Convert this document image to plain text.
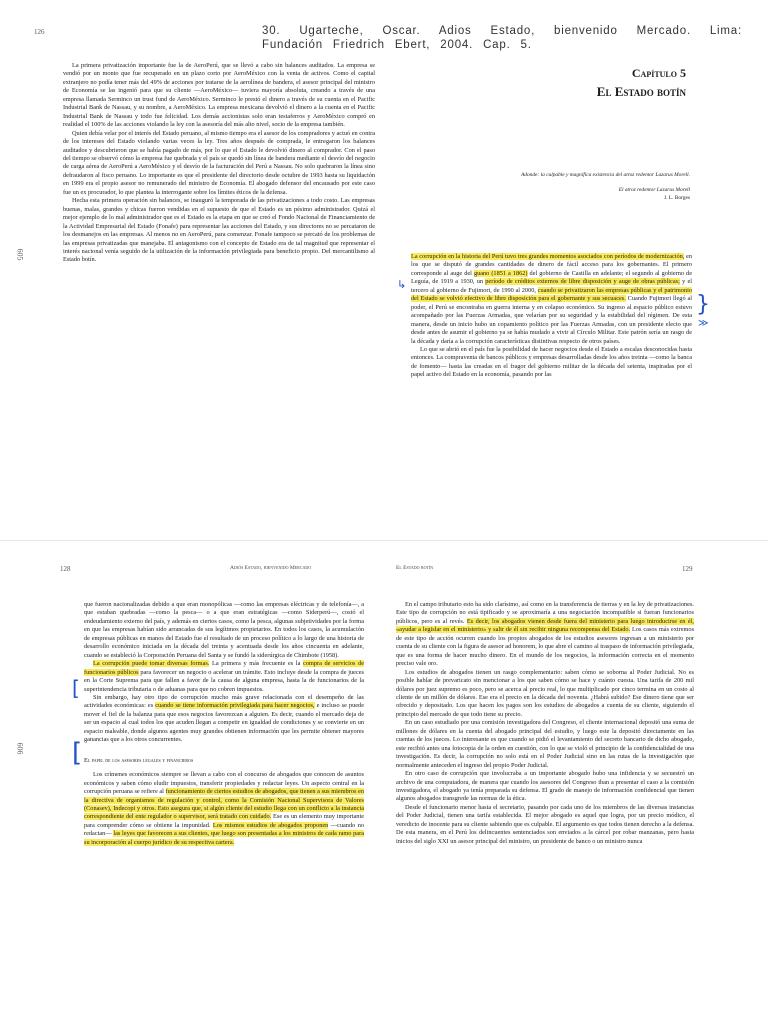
126	30. Ugarteche, Oscar. Adios Estado, bienvenido Mercado. Lima: Fundación Friedrich Ebert, 2004. Cap. 5.
605
606

La primera privatización importante fue la de AeroPerú, que se llevó a cabo sin balances auditados. La empresa se vendió por un monto que fue recuperado en un plazo corto por AeroMéxico con la venta de activos. Como el capital extranjero no podía tener más del 49% de acciones por tratarse de la aerolínea de bandera, el asesor principal del ministro de Economía se las ingenió para que su cliente —AeroMéxico— tuviera mayoría absoluta, creando a través de una empresa llamada Serminco un trust fund de AeroMéxico. Serminco le prestó el dinero a través de su cuenta en el Pacific Industrial Bank de Nassau, y su nombre, a AeroMéxico. La empresa mexicana devolvió el dinero a la cuenta en el Pacific Industrial Bank de Nassau y todo fue felicidad. Los demás accionistas solo eran testaferros y AeroMéxico compró en realidad el 100% de las acciones violando la ley con la asesoría del más alto nivel, socio de la empresa también.

Quien debía velar por el interés del Estado peruano, al mismo tiempo era el asesor de los compradores y actuó en contra de los intereses del Estado violando varias veces la ley. Tres años después de comprada, le entregaron los balances auditados y descubrieron que se había pagado de más, por lo que el Estado le devolvió dinero al comprador. Con el paso del tiempo se observó cómo la empresa fue quebrada y el país se quedó sin línea de bandera mediante el desvío del negocio de carga aérea de AeroPerú a AeroMéxico y el desvío de la facturación del Perú a Nassau. No solo quebraron la línea sino defraudaron al fisco peruano. Lo importante es que el presidente del directorio desde octubre de 1993 hasta su liquidación en 1999 era el propio asesor no remunerado del ministro de Economía. El abogado defensor del encausado por este caso fue un ex procurador, lo que plantea la interrogante sobre los límites éticos de la defensa.

Hecha esta primera operación sin balances, se inauguró la temporada de las privatizaciones a todo costo. Las empresas buenas, malas, grandes y chicas fueron vendidas en el supuesto de que el Estado es un pésimo administrador. Quizá el mejor ejemplo de lo mal administrador que es el Estado es la etapa en que se creó el Fondo Nacional de Financiamiento de la Actividad Empresarial del Estado (Fonafe) para representar las acciones del Estado, y sus directores no se percataron de los desmanejos en las empresas. Al menos no en AeroPerú, para comenzar. Fonafe tampoco se percató de los problemas de las empresas privatizadas que manejaba. El antagonismo con el concepto de Estado era de tal magnitud que representar el interés nacional venía seguido de la utilización de la información privilegiada para beneficio propio. Del mercantilismo al Estado botín.

Capítulo 5
El Estado botín
Adonde: la culpable y magnífica existencia del atroz redentor Lazarus Morell.
El atroz redentor Lazarus Morell
J. L. Borges

La corrupción en la historia del Perú tuvo tres grandes momentos asociados con períodos de modernización, en los que se disputó de grandes cantidades de dinero de fácil acceso para los gobernantes. El primero corresponde al auge del guano (1851 a 1862) del gobierno de Castilla en adelante; el segundo al gobierno de Leguía, de 1919 a 1930, un período de créditos externos de libre disposición y auge de obras públicas; y el tercero al gobierno de Fujimori, de 1990 al 2000, cuando se privatizaron las empresas públicas y el patrimonio del Estado se volvió efectivo de libre disposición para el gobernante y sus secuaces. Cuando Fujimori llegó al poder, el Perú se encontraba en guerra interna y en colapso económico. Su ingreso al espacio público estuvo acompañado por las Fuerzas Armadas, que velarían por su seguridad y la estabilidad del régimen. De esta manera, desde un inicio hubo un copamiento político por las Fuerzas Armadas, con un presidente electo que desde antes de asumir el gobierno ya se había mudado a vivir al Círculo Militar. Este patrón sería un rasgo de la década y daría a la corrupción características distintivas respecto de otros países.

Lo que se abrió en el país fue la posibilidad de hacer negocios desde el Estado a escalas desconocidas hasta entonces. La compraventa de bancos públicos y empresas desarrolladas desde los años treinta —como la banca de fomento— hasta las creadas en el fragor del gobierno militar de la década del setenta, inspiradas por el papel activo del Estado en la economía, pasando por las

↳
}
≫
128	Adiós Estado, bienvenido Mercado

que fueron nacionalizadas debido a que eran monopólicas —como las empresas eléctricas y de telefonía—, a que estaban quebradas —como la pesca— o a que eran estratégicas —como Siderperú—, costó el endeudamiento externo del país, y además en ciertos casos, como la pesca, algunas subjetividades por la forma en que las empresas habían sido arrancadas de sus legítimos propietarios. En todos los casos, la acumulación de empresas públicas en manos del Estado fue el resultado de un proceso político a lo largo de una historia de desarrollo económico iniciada en la década del treinta y acentuada desde los años cincuenta en adelante, cuando se estableció la Corporación Peruana del Santa y se fundó la siderúrgica de Chimbote (1958).

La corrupción puede tomar diversas formas. La primera y más frecuente es la compra de servicios de funcionarios públicos para favorecer un negocio o acelerar un trámite. Esto incluye desde la compra de jueces en la Corte Suprema para que fallen a favor de la causa de alguna empresa, hasta la de funcionarios de la superintendencia tributaria o de aduanas para que no cobren impuestos.

Sin embargo, hay otro tipo de corrupción mucho más grave relacionada con el desempeño de las actividades económicas: es cuando se tiene información privilegiada para hacer negocios, e incluso se puede mover el fiel de la balanza para que esos negocios favorezcan a alguien. Es decir, cuando el mercado deja de ser un espacio al cual todos los que acuden llegan a competir en igualdad de condiciones y se convierte en un espacio maleable, donde algunos agentes muy grandes obtienen información que les permite obtener mayores ganancias que a los otros concurrentes.

El papel de los asesores legales y financieros

Los crímenes económicos siempre se llevan a cabo con el concurso de abogados que conocen de asuntos económicos y saben cómo eludir impuestos, transferir propiedades y redactar leyes. Un aspecto central en la corrupción peruana se refiere al funcionamiento de ciertos estudios de abogados, que tienen a sus miembros en la directiva de organismos de regulación y control, como la Comisión Nacional Supervisora de Valores (Conasev), Indecopi y otros. Esto asegura que, si algún cliente del estudio llega con un conflicto a la instancia correspondiente del ente regulador o supervisor, será tratado con cuidado. Ese es un elemento muy importante para comprender cómo se obtiene la impunidad. Los mismos estudios de abogados proponen —cuando no redactan— las leyes que favorecen a sus clientes, que luego son presentadas a los ministros de cada ramo para su incorporación al cuerpo jurídico de su respectiva cartera.

[
[
El Estado botín	129

En el campo tributario esto ha sido clarísimo, así como en la transferencia de tierras y en la ley de privatizaciones. Este tipo de corrupción no está tipificado y se aproximaría a una negociación incompatible si fueran funcionarios públicos, pero es al revés. Es decir, los abogados vienen desde fuera del ministerio para luego introducirse en él, «ayudar a legislar en el ministerio» y salir de él sin recibir ninguna recompensa del Estado. Los casos más extremos de este tipo de acción ocurren cuando los propios abogados de los estudios asesores ingresan a un ministerio por cuenta de su cliente con la figura de asesor ad honorem, lo que abre el camino al traspaso de información privilegiada, que es una forma de hacer mucho dinero. En el mundo de los negocios, la información correcta en el momento preciso vale oro.

Los estudios de abogados tienen un rasgo complementario: saben cómo se soborna al Poder Judicial. No es posible hablar de prevaricato sin mencionar a los que saben cómo se hace y cuánto cuesta. Una tarifa de 200 mil dólares por juez supremo es poco, pero se acerca al precio real, lo que multiplicado por cinco termina en un costo al cliente de un millón de dólares. Ese era el precio en la década del noventa. ¿Habrá subido? Ese dinero tiene que ser ofrecido y depositado. Los que hacen los pagos son los estudios de abogados a cuenta de su cliente, siguiendo el principio del mercado de que todo tiene su precio.

En un caso estudiado por una comisión investigadora del Congreso, el cliente internacional depositó una suma de millones de dólares en la cuenta del abogado principal del estudio, y luego este la depositó directamente en las cuentas de los jueces. Lo interesante es que cuando se pidió el levantamiento del secreto bancario de dicho abogado, este recibió antes una fotocopia de la orden en cuestión, con lo que se violó el principio de la confidencialidad de una investigación. Es decir, la corrupción no solo está en el Poder Judicial sino en las rutas de la investigación que normalmente anteceden el ingreso del propio Poder Judicial.

En otro caso de corrupción que involucraba a un importante abogado hubo una infidencia y se secuestró un archivo de una computadora, de manera que cuando los asesores del Congreso iban a presentar el caso a la comisión investigadora, el abogado ya tenía preparada su defensa. El grado de manejo de información confidencial que tienen algunos abogados transgrede las normas de la ética.

Desde el funcionario menor hasta el secretario, pasando por cada uno de los miembros de las diversas instancias del Poder Judicial, tienen una tarifa establecida. El mejor abogado es aquel que logra, por un precio módico, el veredicto de inocente para su cliente sabiendo que es culpable. El argumento es que todos tienen derecho a la defensa. De esta manera, en el Perú los delincuentes sentenciados son enviados a la cárcel por robar manzanas, pero hasta inicios del siglo XXI un asesor principal del ministro, un presidente de banco o un ministro nunca
